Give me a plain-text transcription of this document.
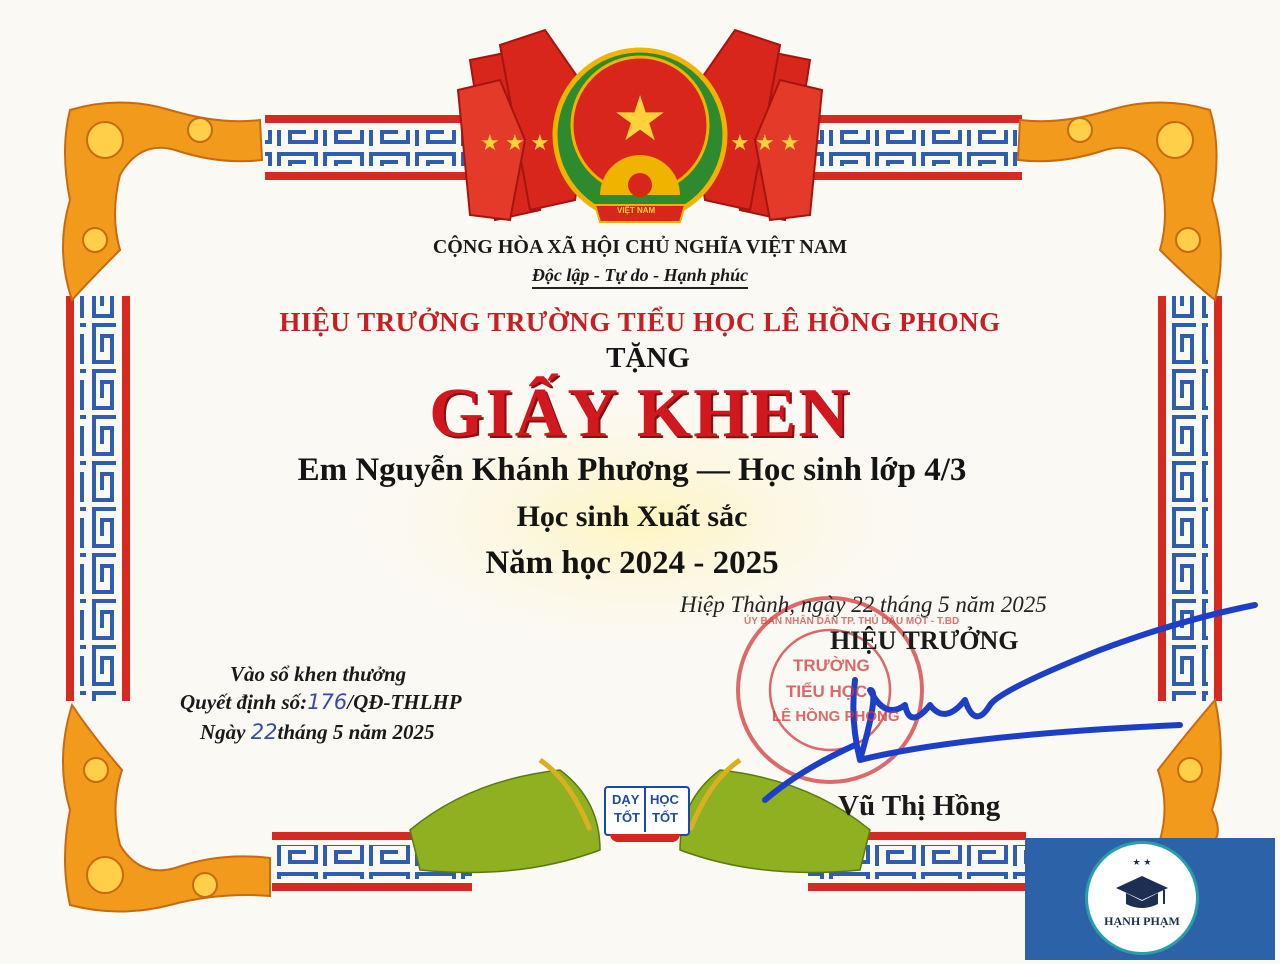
★ ★ ★	★ ★ ★
★
VIỆT NAM
CỘNG HÒA XÃ HỘI CHỦ NGHĨA VIỆT NAM
Độc lập - Tự do - Hạnh phúc
HIỆU TRƯỞNG TRƯỜNG TIỂU HỌC LÊ HỒNG PHONG
TẶNG
GIẤY KHEN
Em Nguyễn Khánh Phương — Học sinh lớp 4/3
Học sinh Xuất sắc
Năm học 2024 - 2025
Hiệp Thành, ngày 22 tháng 5 năm 2025
ỦY BAN NHÂN DÂN TP. THỦ DẦU MỘT - T.BD
TRƯỜNG
TIỂU HỌC
LÊ HỒNG PHONG
HIỆU TRƯỞNG
Vũ Thị Hồng
Vào sổ khen thưởng
Quyết định số:176/QĐ-THLHP
Ngày 22tháng 5 năm 2025
DẠY HỌC
TỐT TỐT
★ ★
HẠNH PHẠM
